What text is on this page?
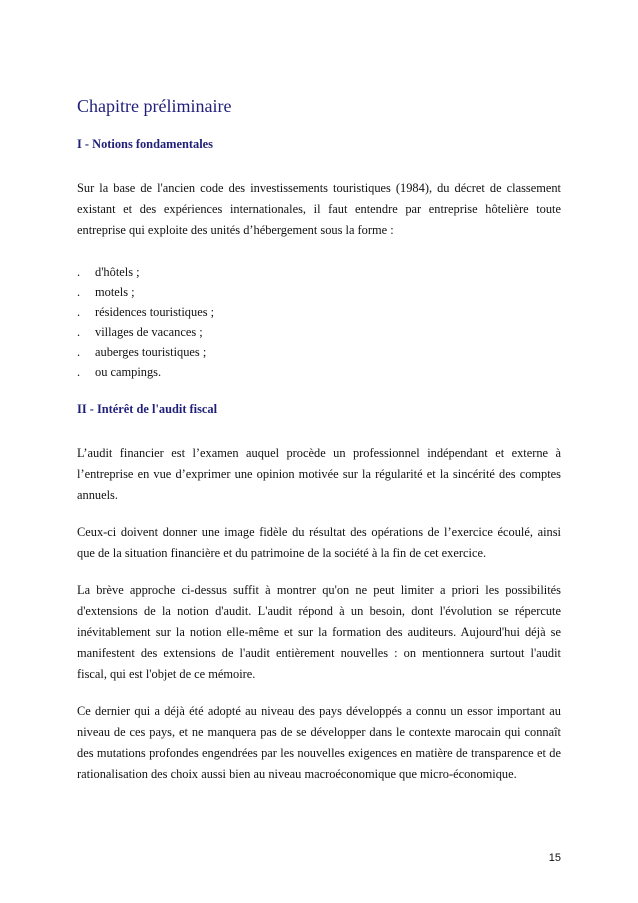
Chapitre préliminaire
I - Notions fondamentales

Sur la base de l'ancien code des investissements touristiques (1984), du décret de classement existant et des expériences internationales, il faut entendre par entreprise hôtelière toute entreprise qui exploite des unités d’hébergement sous la forme :

. d'hôtels ;
. motels ;
. résidences touristiques ;
. villages de vacances ;
. auberges touristiques ;
. ou campings.
II - Intérêt de l'audit fiscal

L’audit financier est l’examen auquel procède un professionnel indépendant et externe à l’entreprise en vue d’exprimer une opinion motivée sur la régularité et la sincérité des comptes annuels.

Ceux-ci doivent donner une image fidèle du résultat des opérations de l’exercice écoulé, ainsi que de la situation financière et du patrimoine de la société à la fin de cet exercice.

La brève approche ci-dessus suffit à montrer qu'on ne peut limiter a priori les possibilités d'extensions de la notion d'audit. L'audit répond à un besoin, dont l'évolution se répercute inévitablement sur la notion elle-même et sur la formation des auditeurs. Aujourd'hui déjà se manifestent des extensions de l'audit entièrement nouvelles : on mentionnera surtout l'audit fiscal, qui est l'objet de ce mémoire.

Ce dernier qui a déjà été adopté au niveau des pays développés a connu un essor important au niveau de ces pays, et ne manquera pas de se développer dans le contexte marocain qui connaît des mutations profondes engendrées par les nouvelles exigences en matière de transparence et de rationalisation des choix aussi bien au niveau macroéconomique que micro-économique.

15
